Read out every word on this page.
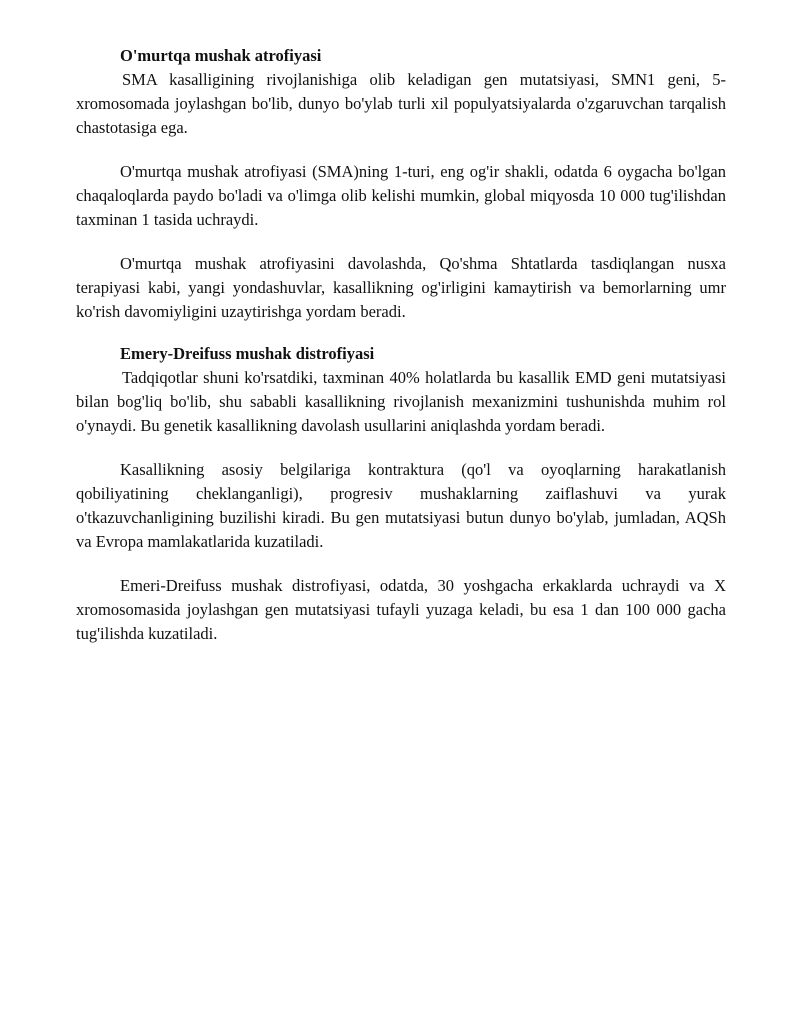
O'murtqa mushak atrofiyasi

SMA kasalligining rivojlanishiga olib keladigan gen mutatsiyasi, SMN1 geni, 5-xromosomada joylashgan bo'lib, dunyo bo'ylab turli xil populyatsiyalarda o'zgaruvchan tarqalish chastotasiga ega.

O'murtqa mushak atrofiyasi (SMA)ning 1-turi, eng og'ir shakli, odatda 6 oygacha bo'lgan chaqaloqlarda paydo bo'ladi va o'limga olib kelishi mumkin, global miqyosda 10 000 tug'ilishdan taxminan 1 tasida uchraydi.

O'murtqa mushak atrofiyasini davolashda, Qo'shma Shtatlarda tasdiqlangan nusxa terapiyasi kabi, yangi yondashuvlar, kasallikning og'irligini kamaytirish va bemorlarning umr ko'rish davomiyligini uzaytirishga yordam beradi.

Emery-Dreifuss mushak distrofiyasi

Tadqiqotlar shuni ko'rsatdiki, taxminan 40% holatlarda bu kasallik EMD geni mutatsiyasi bilan bog'liq bo'lib, shu sababli kasallikning rivojlanish mexanizmini tushunishda muhim rol o'ynaydi. Bu genetik kasallikning davolash usullarini aniqlashda yordam beradi.

Kasallikning asosiy belgilariga kontraktura (qo'l va oyoqlarning harakatlanish qobiliyatining cheklanganligi), progresiv mushaklarning zaiflashuvi va yurak o'tkazuvchanligining buzilishi kiradi. Bu gen mutatsiyasi butun dunyo bo'ylab, jumladan, AQSh va Evropa mamlakatlarida kuzatiladi.

Emeri-Dreifuss mushak distrofiyasi, odatda, 30 yoshgacha erkaklarda uchraydi va X xromosomasida joylashgan gen mutatsiyasi tufayli yuzaga keladi, bu esa 1 dan 100 000 gacha tug'ilishda kuzatiladi.
